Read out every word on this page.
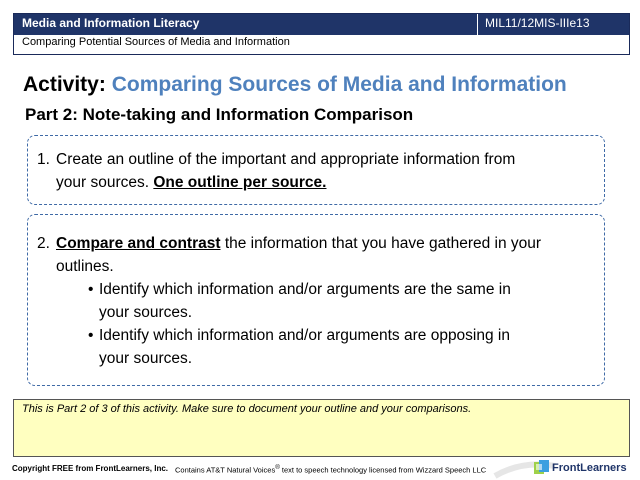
Media and Information Literacy	MIL11/12MIS-IIIe13
Comparing Potential Sources of Media and Information
Activity: Comparing Sources of Media and Information
Part 2: Note-taking and Information Comparison
1. Create an outline of the important and appropriate information from
your sources. One outline per source.
2. Compare and contrast the information that you have gathered in your
outlines.
• Identify which information and/or arguments are the same in
your sources.
• Identify which information and/or arguments are opposing in
your sources.
This is Part 2 of 3 of this activity. Make sure to document your outline and your comparisons.
Copyright FREE from FrontLearners, Inc. Contains AT&T Natural Voices® text to speech technology licensed from Wizzard Speech LLC	FrontLearners
